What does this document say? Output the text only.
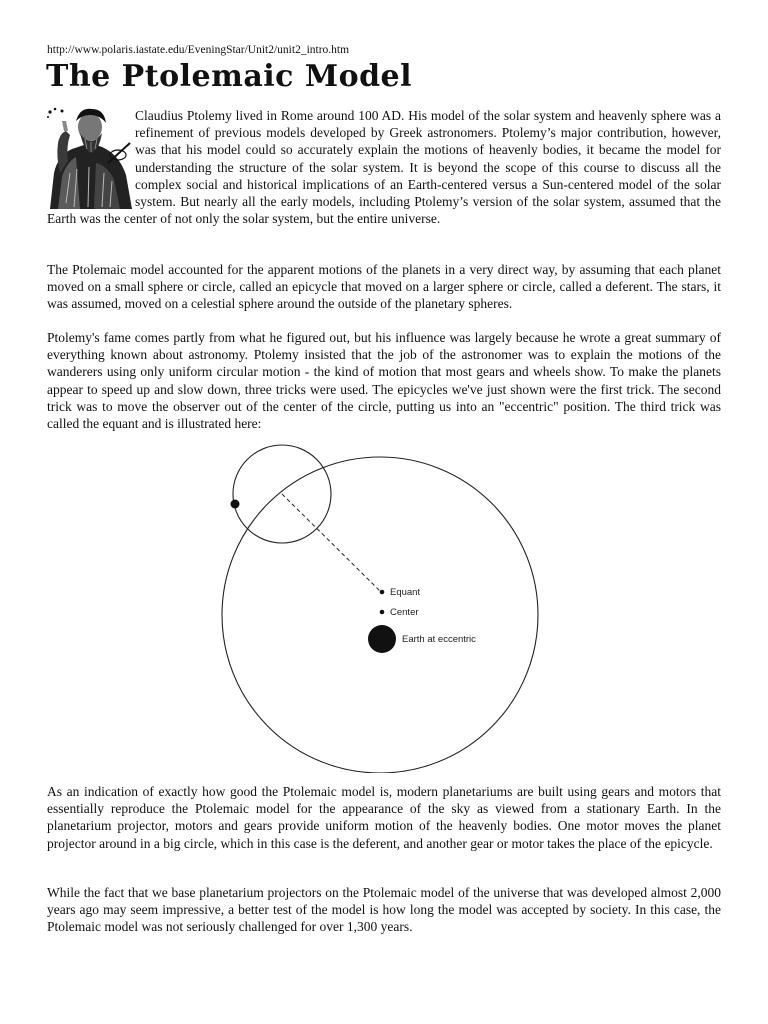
http://www.polaris.iastate.edu/EveningStar/Unit2/unit2_intro.htm
The Ptolemaic Model

Claudius Ptolemy lived in Rome around 100 AD. His model of the solar system and heavenly sphere was a refinement of previous models developed by Greek astronomers. Ptolemy’s major contribution, however, was that his model could so accurately explain the motions of heavenly bodies, it became the model for understanding the structure of the solar system. It is beyond the scope of this course to discuss all the complex social and historical implications of an Earth-centered versus a Sun-centered model of the solar system. But nearly all the early models, including Ptolemy’s version of the solar system, assumed that the Earth was the center of not only the solar system, but the entire universe.

The Ptolemaic model accounted for the apparent motions of the planets in a very direct way, by assuming that each planet moved on a small sphere or circle, called an epicycle that moved on a larger sphere or circle, called a deferent. The stars, it was assumed, moved on a celestial sphere around the outside of the planetary spheres.

Ptolemy's fame comes partly from what he figured out, but his influence was largely because he wrote a great summary of everything known about astronomy. Ptolemy insisted that the job of the astronomer was to explain the motions of the wanderers using only uniform circular motion - the kind of motion that most gears and wheels show. To make the planets appear to speed up and slow down, three tricks were used. The epicycles we've just shown were the first trick. The second trick was to move the observer out of the center of the circle, putting us into an "eccentric" position. The third trick was called the equant and is illustrated here:

Equant
Center
Earth at eccentric

As an indication of exactly how good the Ptolemaic model is, modern planetariums are built using gears and motors that essentially reproduce the Ptolemaic model for the appearance of the sky as viewed from a stationary Earth. In the planetarium projector, motors and gears provide uniform motion of the heavenly bodies. One motor moves the planet projector around in a big circle, which in this case is the deferent, and another gear or motor takes the place of the epicycle.

While the fact that we base planetarium projectors on the Ptolemaic model of the universe that was developed almost 2,000 years ago may seem impressive, a better test of the model is how long the model was accepted by society. In this case, the Ptolemaic model was not seriously challenged for over 1,300 years.
